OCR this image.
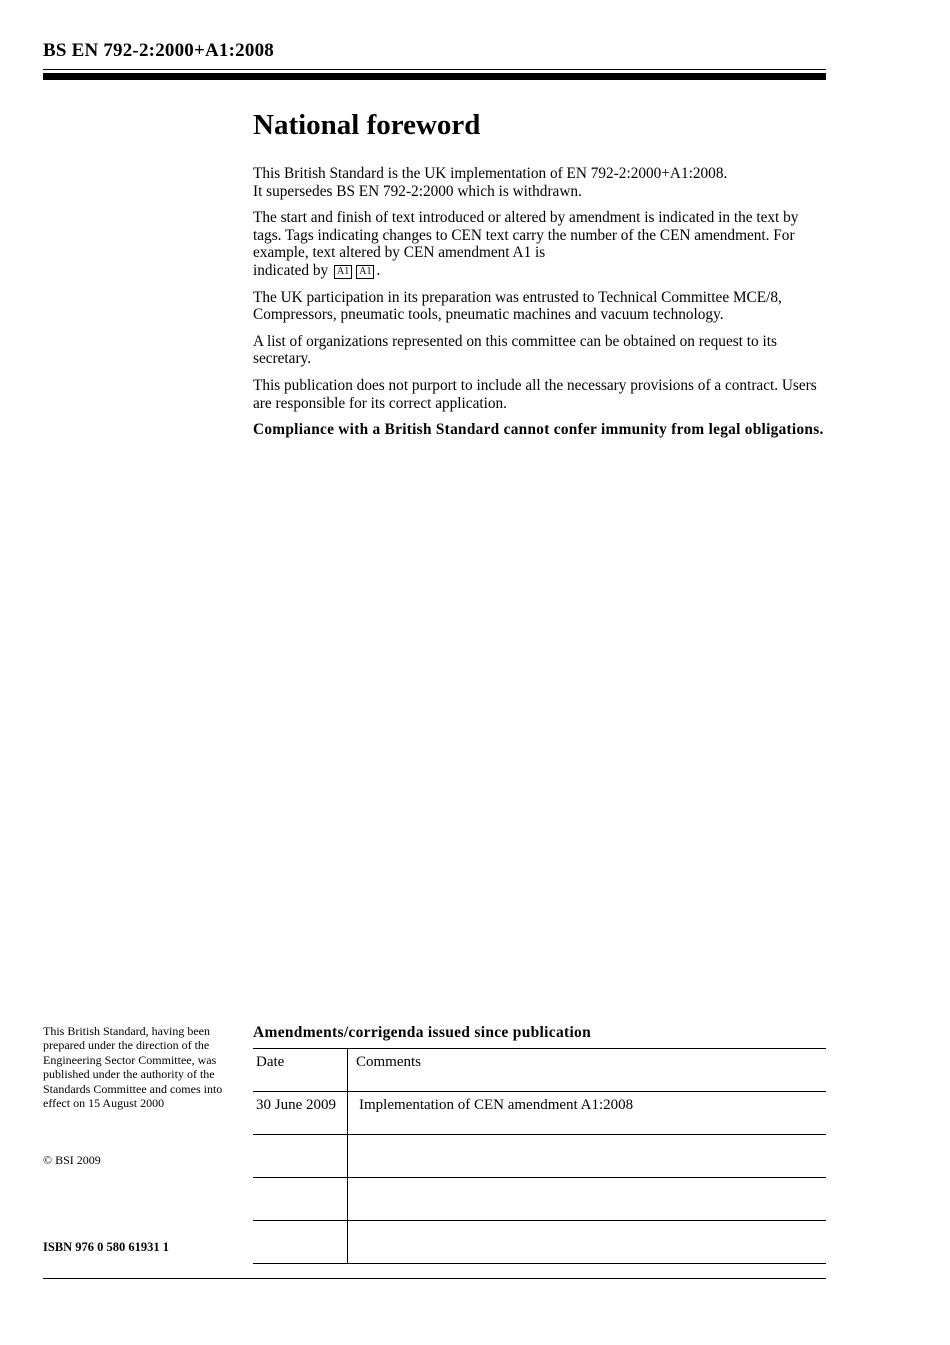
BS EN 792-2:2000+A1:2008
National foreword

This British Standard is the UK implementation of EN 792-2:2000+A1:2008.
It supersedes BS EN 792-2:2000 which is withdrawn.

The start and finish of text introduced or altered by amendment is indicated in the text by tags. Tags indicating changes to CEN text carry the number of the CEN amendment. For example, text altered by CEN amendment A1 is
indicated by A1 A1 .

The UK participation in its preparation was entrusted to Technical Committee MCE/8, Compressors, pneumatic tools, pneumatic machines and vacuum technology.

A list of organizations represented on this committee can be obtained on request to its secretary.

This publication does not purport to include all the necessary provisions of a contract. Users are responsible for its correct application.

Compliance with a British Standard cannot confer immunity from legal obligations.

This British Standard, having been prepared under the direction of the Engineering Sector Committee, was published under the authority of the Standards Committee and comes into effect on 15 August 2000
© BSI 2009
ISBN 976 0 580 61931 1
Amendments/corrigenda issued since publication
Date	Comments
30 June 2009	Implementation of CEN amendment A1:2008
